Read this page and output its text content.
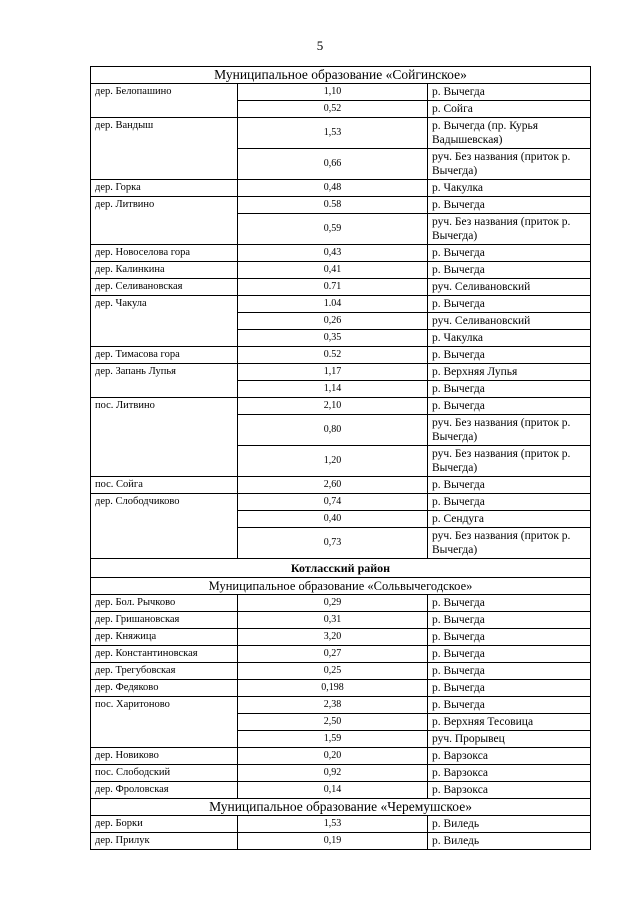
5
Муниципальное образование «Сойгинское»		
дер. Белопашино	1,10	р. Вычегда
	0,52	р. Сойга
дер. Вандыш	1,53	р. Вычегда (пр. Курья Вадышевская)
	0,66	руч. Без названия (приток р. Вычегда)
дер. Горка	0,48	р. Чакулка
дер. Литвино	0.58	р. Вычегда
	0,59	руч. Без названия (приток р. Вычегда)
дер. Новоселова гора	0,43	р. Вычегда
дер. Калинкина	0,41	р. Вычегда
дер. Селивановская	0.71	руч. Селивановский
дер. Чакула	1.04	р. Вычегда
	0,26	руч. Селивановский
	0,35	р. Чакулка
дер. Тимасова гора	0.52	р. Вычегда
дер. Запань Лупья	1,17	р. Верхняя Лупья
	1,14	р. Вычегда
пос. Литвино	2,10	р. Вычегда
	0,80	руч. Без названия (приток р. Вычегда)
	1,20	руч. Без названия (приток р. Вычегда)
пос. Сойга	2,60	р. Вычегда
дер. Слободчиково	0,74	р. Вычегда
	0,40	р. Сендуга
	0,73	руч. Без названия (приток р. Вычегда)
Котласский район		
Муниципальное образование «Сольвычегодское»		
дер. Бол. Рычково	0,29	р. Вычегда
дер. Гришановская	0,31	р. Вычегда
дер. Княжица	3,20	р. Вычегда
дер. Константиновская	0,27	р. Вычегда
дер. Трегубовская	0,25	р. Вычегда
дер. Федяково	0,198	р. Вычегда
пос. Харитоново	2,38	р. Вычегда
	2,50	р. Верхняя Тесовица
	1,59	руч. Прорывец
дер. Новиково	0,20	р. Варзокса
пос. Слободский	0,92	р. Варзокса
дер. Фроловская	0,14	р. Варзокса
Муниципальное образование «Черемушское»		
дер. Борки	1,53	р. Виледь
дер. Прилук	0,19	р. Виледь
